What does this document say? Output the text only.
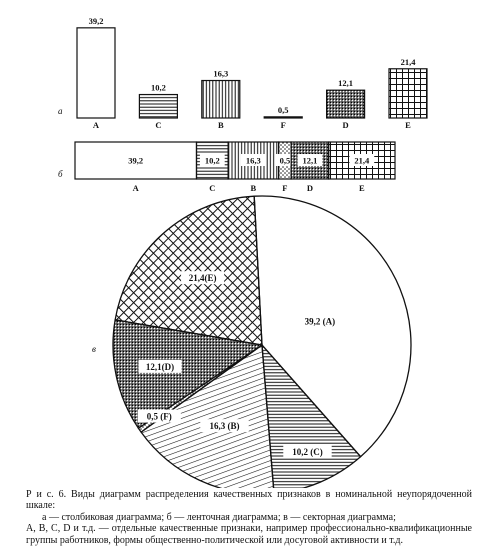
а
39,2
A
10,2
C
16,3
B
0,5
F
12,1
D
21,4
E
б
39,2
A
10,2
C
16,3
B
0,5
F
12,1
D
21,4
E
в
39,2 (A)
10,2 (C)
16,3 (B)
0,5 (F)
12,1(D)
21,4(E)

Р и с. 6. Виды диаграмм распределения качественных признаков в номинальной неупорядоченной шкале:

а — столбиковая диаграмма; б — ленточная диаграмма; в — секторная диаграмма;

A, B, C, D и т.д. — отдельные качественные признаки, например профессионально-квалификационные группы работников, формы общественно-политической или досуговой активности и т.д.
